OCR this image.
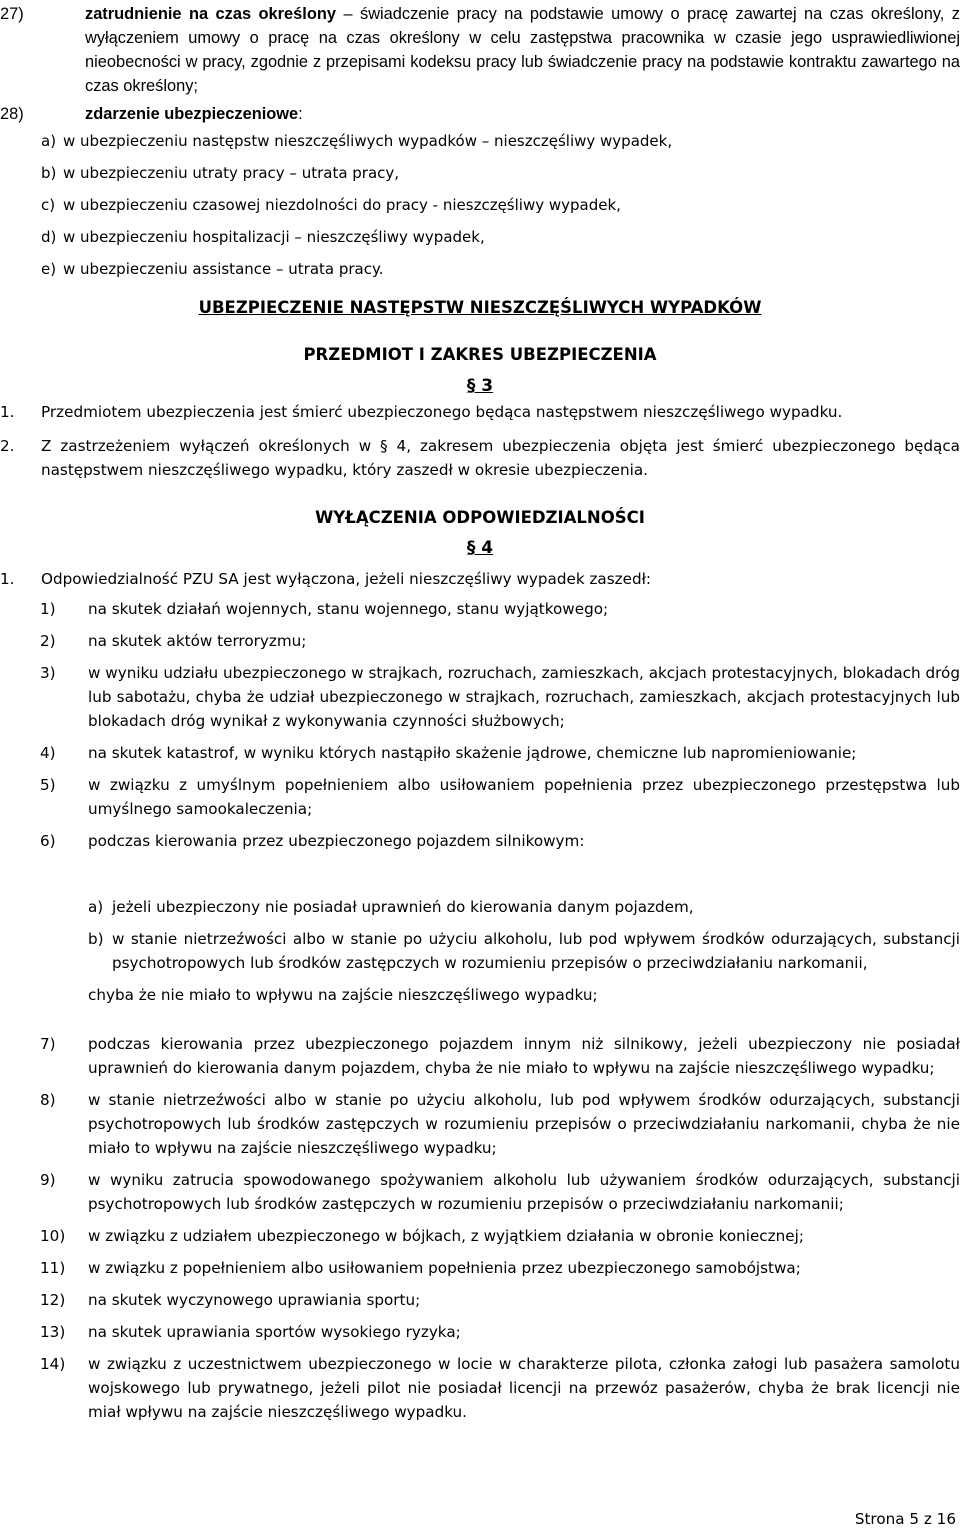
27)	zatrudnienie na czas określony – świadczenie pracy na podstawie umowy o pracę zawartej na czas określony, z wyłączeniem umowy o pracę na czas określony w celu zastępstwa pracownika w czasie jego usprawiedliwionej nieobecności w pracy, zgodnie z przepisami kodeksu pracy lub świadczenie pracy na podstawie kontraktu zawartego na czas określony;
28)	zdarzenie ubezpieczeniowe:
a) w ubezpieczeniu następstw nieszczęśliwych wypadków – nieszczęśliwy wypadek,
b) w ubezpieczeniu utraty pracy – utrata pracy,
c) w ubezpieczeniu czasowej niezdolności do pracy - nieszczęśliwy wypadek,
d) w ubezpieczeniu hospitalizacji – nieszczęśliwy wypadek,
e) w ubezpieczeniu assistance – utrata pracy.
UBEZPIECZENIE NASTĘPSTW NIESZCZĘŚLIWYCH WYPADKÓW
PRZEDMIOT I ZAKRES UBEZPIECZENIA
§ 3
1.	Przedmiotem ubezpieczenia jest śmierć ubezpieczonego będąca następstwem nieszczęśliwego wypadku.
2.	Z zastrzeżeniem wyłączeń określonych w § 4, zakresem ubezpieczenia objęta jest śmierć ubezpieczonego będąca następstwem nieszczęśliwego wypadku, który zaszedł w okresie ubezpieczenia.
WYŁĄCZENIA ODPOWIEDZIALNOŚCI
§ 4
1.	Odpowiedzialność PZU SA jest wyłączona, jeżeli nieszczęśliwy wypadek zaszedł:
1)	na skutek działań wojennych, stanu wojennego, stanu wyjątkowego;
2)	na skutek aktów terroryzmu;
3)	w wyniku udziału ubezpieczonego w strajkach, rozruchach, zamieszkach, akcjach protestacyjnych, blokadach dróg lub sabotażu, chyba że udział ubezpieczonego w strajkach, rozruchach, zamieszkach, akcjach protestacyjnych lub blokadach dróg wynikał z wykonywania czynności służbowych;
4)	na skutek katastrof, w wyniku których nastąpiło skażenie jądrowe, chemiczne lub napromieniowanie;
5)	w związku z umyślnym popełnieniem albo usiłowaniem popełnienia przez ubezpieczonego przestępstwa lub umyślnego samookaleczenia;
6)	podczas kierowania przez ubezpieczonego pojazdem silnikowym:
a) jeżeli ubezpieczony nie posiadał uprawnień do kierowania danym pojazdem,
b) w stanie nietrzeźwości albo w stanie po użyciu alkoholu, lub pod wpływem środków odurzających, substancji psychotropowych lub środków zastępczych w rozumieniu przepisów o przeciwdziałaniu narkomanii,
chyba że nie miało to wpływu na zajście nieszczęśliwego wypadku;
7)	podczas kierowania przez ubezpieczonego pojazdem innym niż silnikowy, jeżeli ubezpieczony nie posiadał uprawnień do kierowania danym pojazdem, chyba że nie miało to wpływu na zajście nieszczęśliwego wypadku;
8)	w stanie nietrzeźwości albo w stanie po użyciu alkoholu, lub pod wpływem środków odurzających, substancji psychotropowych lub środków zastępczych w rozumieniu przepisów o przeciwdziałaniu narkomanii, chyba że nie miało to wpływu na zajście nieszczęśliwego wypadku;
9)	w wyniku zatrucia spowodowanego spożywaniem alkoholu lub używaniem środków odurzających, substancji psychotropowych lub środków zastępczych w rozumieniu przepisów o przeciwdziałaniu narkomanii;
10)	w związku z udziałem ubezpieczonego w bójkach, z wyjątkiem działania w obronie koniecznej;
11)	w związku z popełnieniem albo usiłowaniem popełnienia przez ubezpieczonego samobójstwa;
12)	na skutek wyczynowego uprawiania sportu;
13)	na skutek uprawiania sportów wysokiego ryzyka;
14)	w związku z uczestnictwem ubezpieczonego w locie w charakterze pilota, członka załogi lub pasażera samolotu wojskowego lub prywatnego, jeżeli pilot nie posiadał licencji na przewóz pasażerów, chyba że brak licencji nie miał wpływu na zajście nieszczęśliwego wypadku.
Strona 5 z 16
